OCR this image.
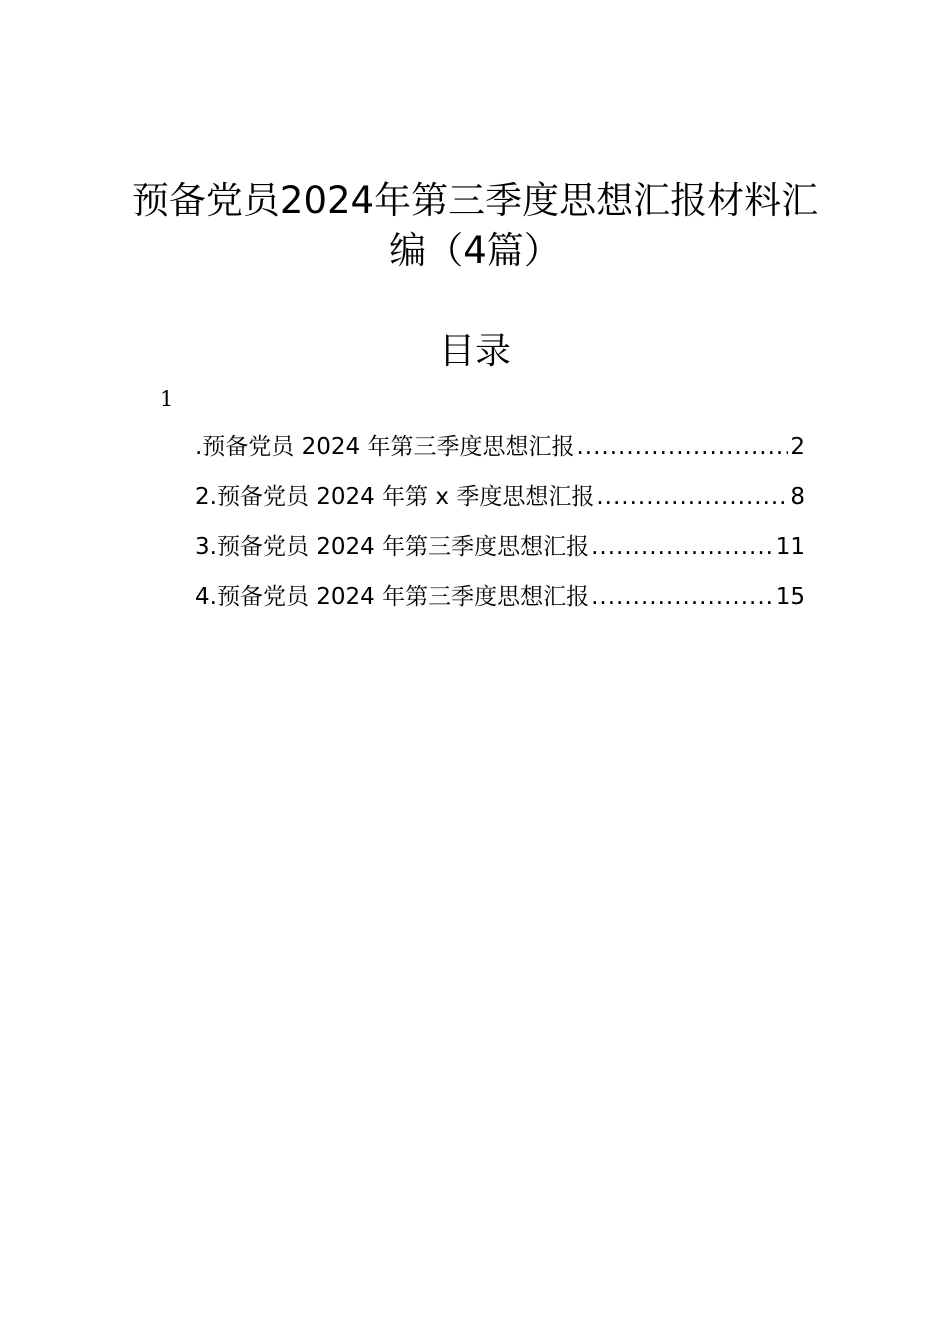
预备党员2024年第三季度思想汇报材料汇
编（4篇）
目录
1
.预备党员 2024 年第三季度思想汇报 .....	2
2.预备党员 2024 年第 x 季度思想汇报 .....	8
3.预备党员 2024 年第三季度思想汇报 .....	11
4.预备党员 2024 年第三季度思想汇报 .....	15
